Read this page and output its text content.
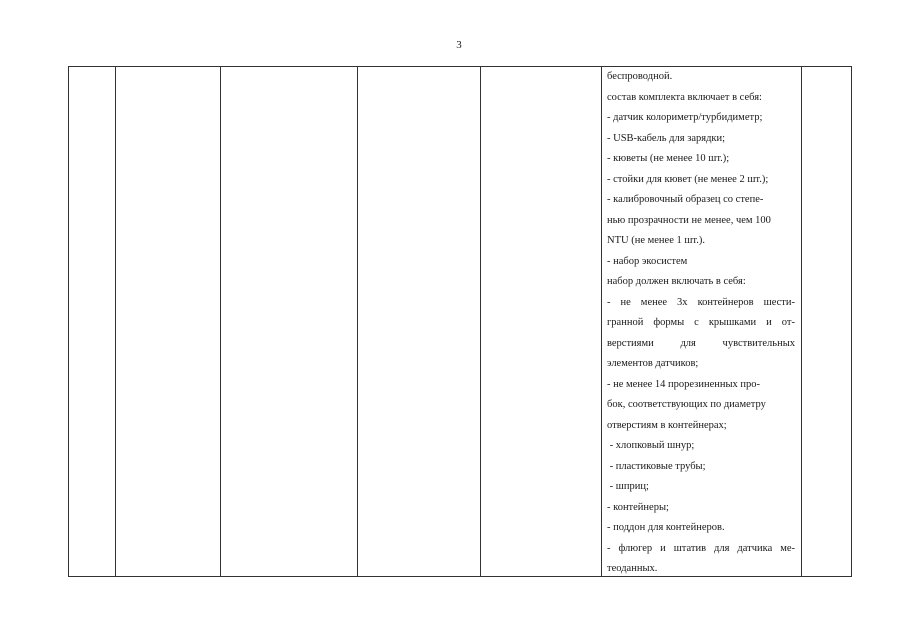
3
беспроводной.
состав комплекта включает в себя:
- датчик колориметр/турбидиметр;
- USB-кабель для зарядки;
- кюветы (не менее 10 шт.);
- стойки для кювет (не менее 2 шт.);
- калибровочный образец со степе-
нью прозрачности не менее, чем 100
NTU (не менее 1 шт.).
- набор экосистем
набор должен включать в себя:
- не менее 3х контейнеров шести-
гранной формы с крышками и от-
верстиями для чувствительных
элементов датчиков;
- не менее 14 прорезиненных про-
бок, соответствующих по диаметру
отверстиям в контейнерах;
- хлопковый шнур;
- пластиковые трубы;
- шприц;
- контейнеры;
- поддон для контейнеров.
- флюгер и штатив для датчика ме-
теоданных.
